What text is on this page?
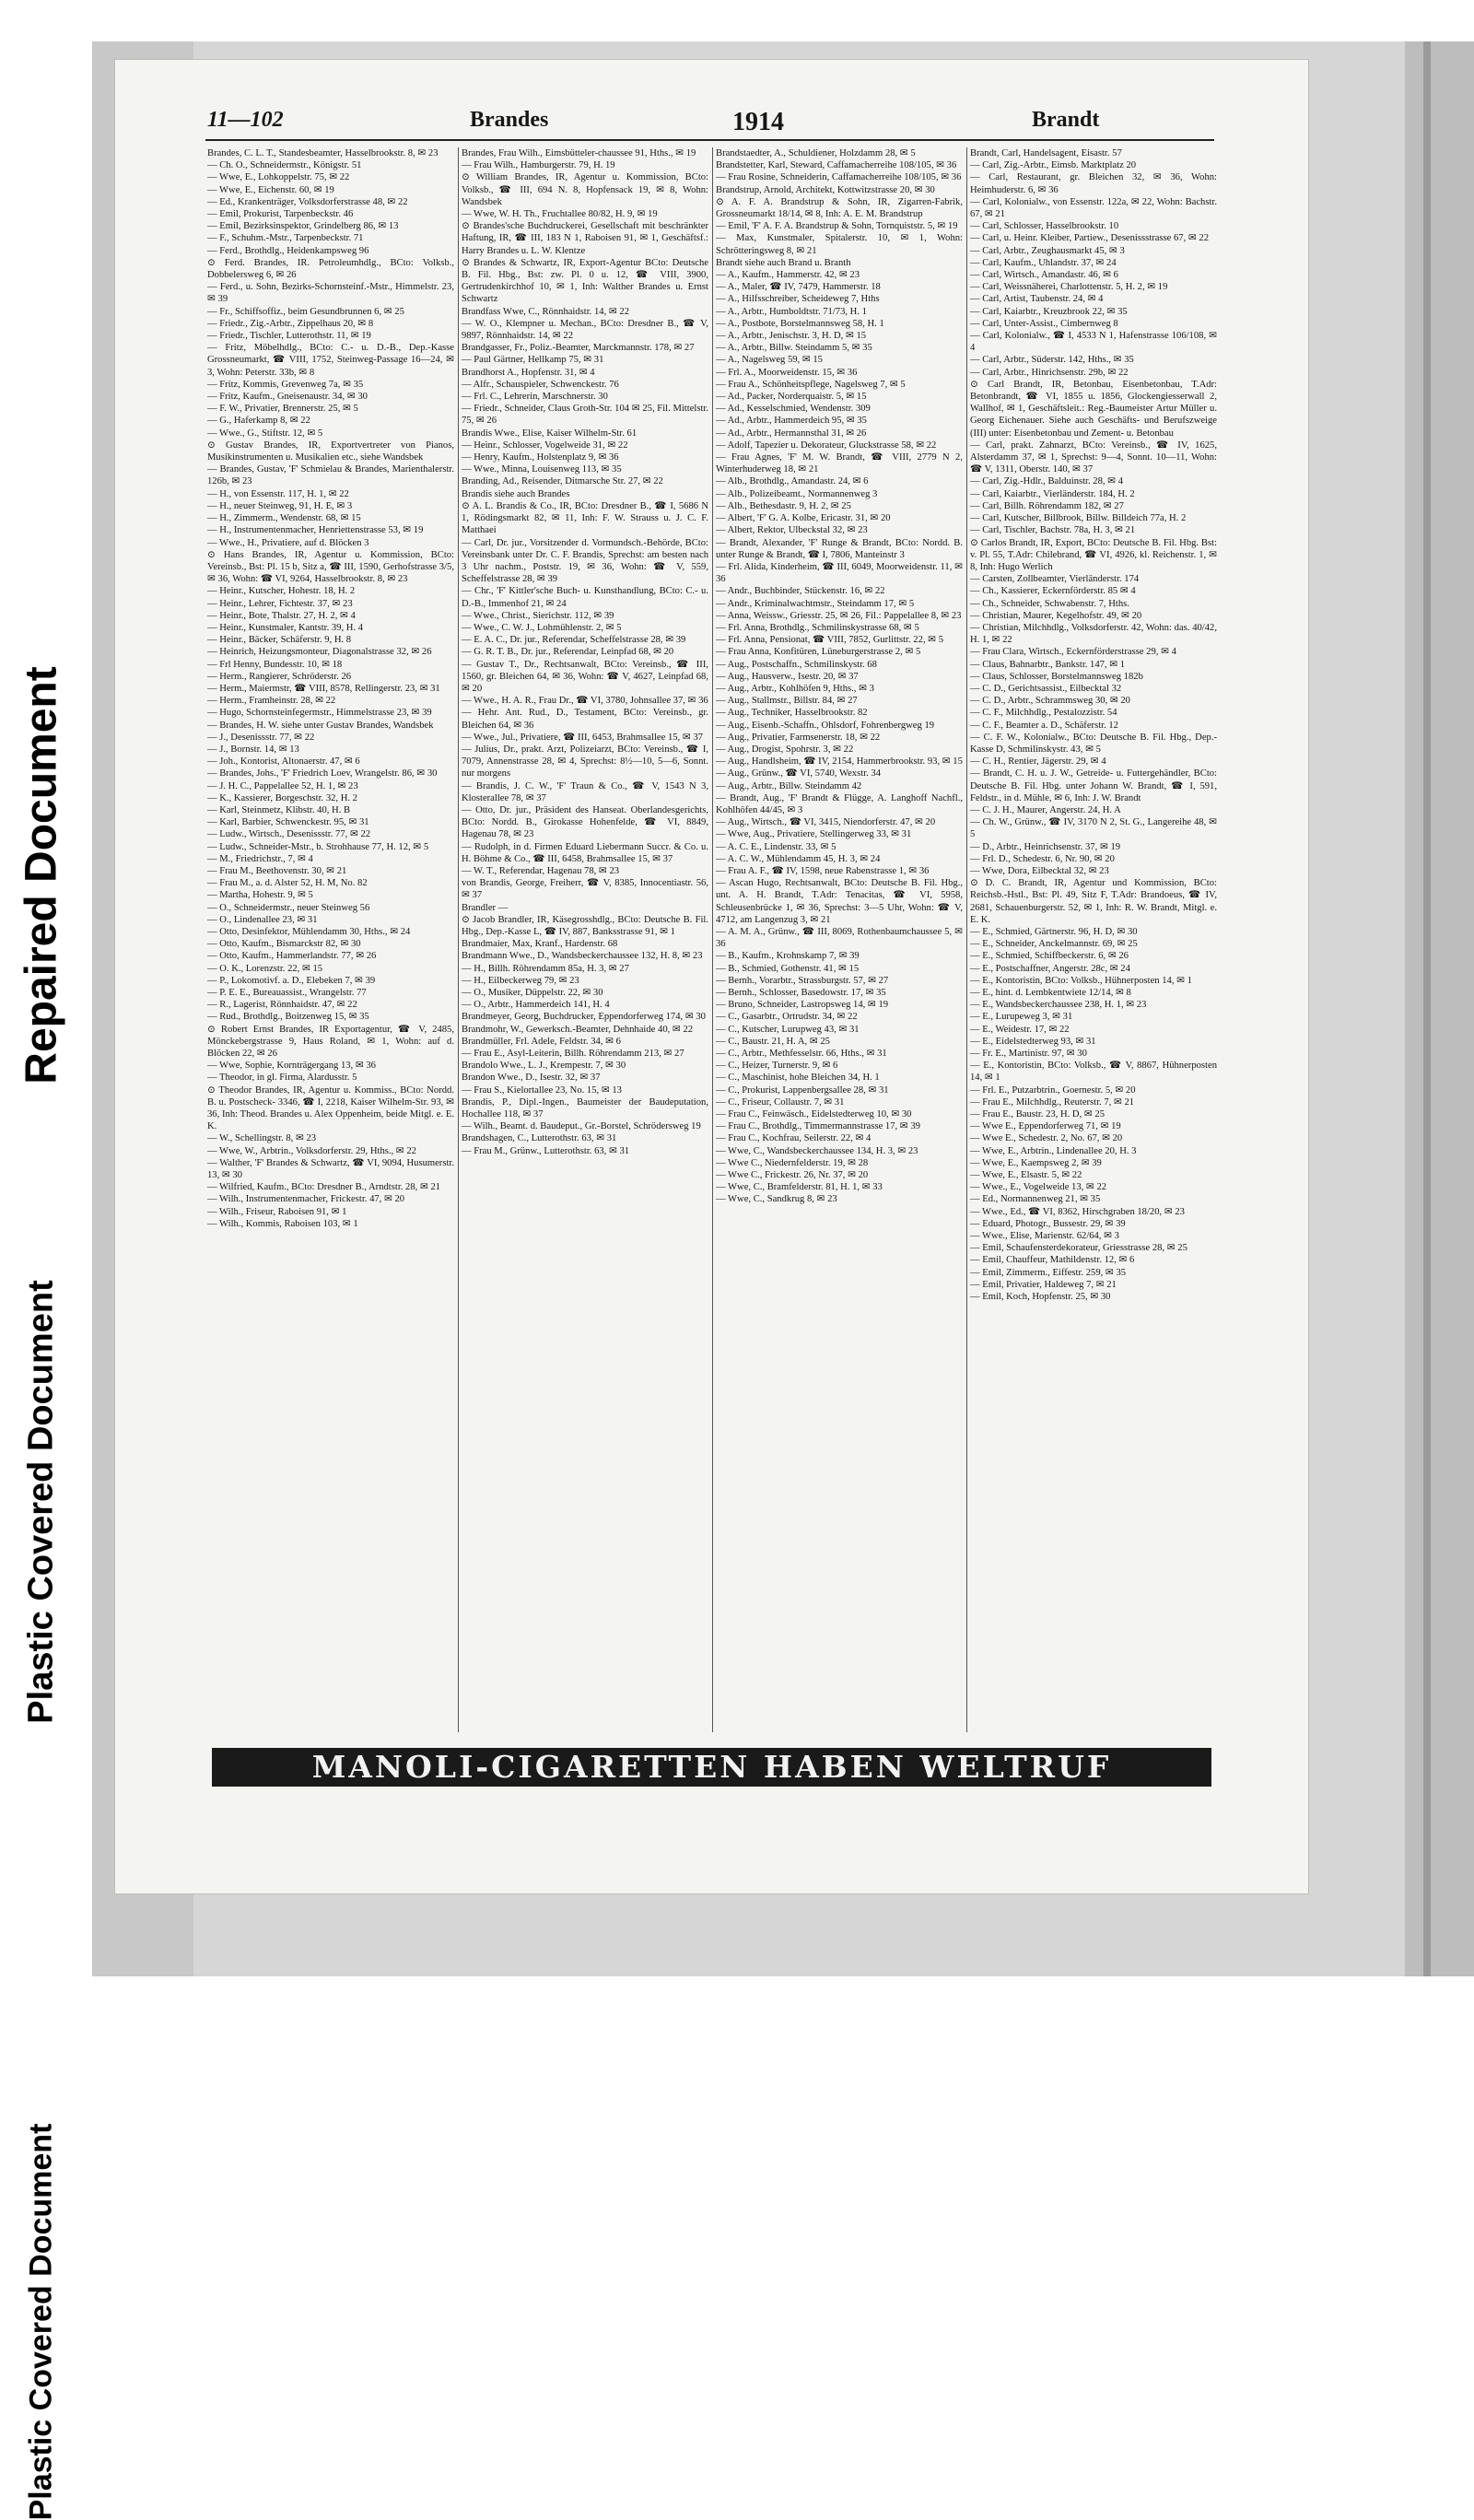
Repaired Document
Plastic Covered Document
Plastic Covered Document
11—102	Brandes	1914	Brandt

Brandes, C. L. T., Standesbeamter, Hasselbrookstr. 8, ✉ 23

— Ch. O., Schneidermstr., Königstr. 51

— Wwe, E., Lohkoppelstr. 75, ✉ 22

— Wwe, E., Eichenstr. 60, ✉ 19

— Ed., Krankenträger, Volksdorferstrasse 48, ✉ 22

— Emil, Prokurist, Tarpenbeckstr. 46

— Emil, Bezirksinspektor, Grindelberg 86, ✉ 13

— F., Schuhm.-Mstr., Tarpenbeckstr. 71

— Ferd., Brothdlg., Heidenkampsweg 96

⊙ Ferd. Brandes, IR. Petroleumhdlg., BCto: Volksb., Dobbelersweg 6, ✉ 26

— Ferd., u. Sohn, Bezirks-Schornsteinf.-Mstr., Himmelstr. 23, ✉ 39

— Fr., Schiffsoffiz., beim Gesundbrunnen 6, ✉ 25

— Friedr., Zig.-Arbtr., Zippelhaus 20, ✉ 8

— Friedr., Tischler, Lutterothstr. 11, ✉ 19

— Fritz, Möbelhdlg., BCto: C.- u. D.-B., Dep.-Kasse Grossneumarkt, ☎ VIII, 1752, Steinweg-Passage 16—24, ✉ 3, Wohn: Peterstr. 33b, ✉ 8

— Fritz, Kommis, Grevenweg 7a, ✉ 35

— Fritz, Kaufm., Gneisenaustr. 34, ✉ 30

— F. W., Privatier, Brennerstr. 25, ✉ 5

— G., Haferkamp 8, ✉ 22

— Wwe., G., Stiftstr. 12, ✉ 5

⊙ Gustav Brandes, IR, Exportvertreter von Pianos, Musikinstrumenten u. Musikalien etc., siehe Wandsbek

— Brandes, Gustav, 'F' Schmielau & Brandes, Marienthalerstr. 126b, ✉ 23

— H., von Essenstr. 117, H. 1, ✉ 22

— H., neuer Steinweg, 91, H. E, ✉ 3

— H., Zimmerm., Wendenstr. 68, ✉ 15

— H., Instrumentenmacher, Henriettenstrasse 53, ✉ 19

— Wwe., H., Privatiere, auf d. Blöcken 3

⊙ Hans Brandes, IR, Agentur u. Kommission, BCto: Vereinsb., Bst: Pl. 15 b, Sitz a, ☎ III, 1590, Gerhofstrasse 3/5, ✉ 36, Wohn: ☎ VI, 9264, Hasselbrookstr. 8, ✉ 23

— Heinr., Kutscher, Hohestr. 18, H. 2

— Heinr., Lehrer, Fichtestr. 37, ✉ 23

— Heinr., Bote, Thalstr. 27, H. 2, ✉ 4

— Heinr., Kunstmaler, Kantstr. 39, H. 4

— Heinr., Bäcker, Schäferstr. 9, H. 8

— Heinrich, Heizungsmonteur, Diagonalstrasse 32, ✉ 26

— Frl Henny, Bundesstr. 10, ✉ 18

— Herm., Rangierer, Schröderstr. 26

— Herm., Maiermstr, ☎ VIII, 8578, Rellingerstr. 23, ✉ 31

— Herm., Framheinstr. 28, ✉ 22

— Hugo, Schornsteinfegermstr., Himmelstrasse 23, ✉ 39

— Brandes, H. W. siehe unter Gustav Brandes, Wandsbek

— J., Desenissstr. 77, ✉ 22

— J., Bornstr. 14, ✉ 13

— Joh., Kontorist, Altonaerstr. 47, ✉ 6

— Brandes, Johs., 'F' Friedrich Loev, Wrangelstr. 86, ✉ 30

— J. H. C., Pappelallee 52, H. 1, ✉ 23

— K., Kassierer, Borgeschstr. 32, H. 2

— Karl, Steinmetz, Klibstr. 40, H. B

— Karl, Barbier, Schwenckestr. 95, ✉ 31

— Ludw., Wirtsch., Desenissstr. 77, ✉ 22

— Ludw., Schneider-Mstr., b. Strohhause 77, H. 12, ✉ 5

— M., Friedrichstr., 7, ✉ 4

— Frau M., Beethovenstr. 30, ✉ 21

— Frau M., a. d. Alster 52, H. M, No. 82

— Martha, Hohestr. 9, ✉ 5

— O., Schneidermstr., neuer Steinweg 56

— O., Lindenallee 23, ✉ 31

— Otto, Desinfektor, Mühlendamm 30, Hths., ✉ 24

— Otto, Kaufm., Bismarckstr 82, ✉ 30

— Otto, Kaufm., Hammerlandstr. 77, ✉ 26

— O. K., Lorenzstr. 22, ✉ 15

— P., Lokomotivf. a. D., Elebeken 7, ✉ 39

— P. E. E., Bureauassist., Wrangelstr. 77

— R., Lagerist, Rönnhaidstr. 47, ✉ 22

— Rud., Brothdlg., Boitzenweg 15, ✉ 35

⊙ Robert Ernst Brandes, IR Exportagentur, ☎ V, 2485, Mönckebergstrasse 9, Haus Roland, ✉ 1, Wohn: auf d. Blöcken 22, ✉ 26

— Wwe, Sophie, Kornträgergang 13, ✉ 36

— Theodor, in gl. Firma, Alardusstr. 5

⊙ Theodor Brandes, IR, Agentur u. Kommiss., BCto: Nordd. B. u. Postscheck- 3346, ☎ I, 2218, Kaiser Wilhelm-Str. 93, ✉ 36, Inh: Theod. Brandes u. Alex Oppenheim, beide Mitgl. e. E. K.

— W., Schellingstr. 8, ✉ 23

— Wwe, W., Arbtrin., Volksdorferstr. 29, Hths., ✉ 22

— Walther, 'F' Brandes & Schwartz, ☎ VI, 9094, Husumerstr. 13, ✉ 30

— Wilfried, Kaufm., BCto: Dresdner B., Arndtstr. 28, ✉ 21

— Wilh., Instrumentenmacher, Frickestr. 47, ✉ 20

— Wilh., Friseur, Raboisen 91, ✉ 1

— Wilh., Kommis, Raboisen 103, ✉ 1

Brandes, Frau Wilh., Eimsbütteler-chaussee 91, Hths., ✉ 19

— Frau Wilh., Hamburgerstr. 79, H. 19

⊙ William Brandes, IR, Agentur u. Kommission, BCto: Volksb., ☎ III, 694 N. 8, Hopfensack 19, ✉ 8, Wohn: Wandsbek

— Wwe, W. H. Th., Fruchtallee 80/82, H. 9, ✉ 19

⊙ Brandes'sche Buchdruckerei, Gesellschaft mit beschränkter Haftung, IR, ☎ III, 183 N 1, Raboisen 91, ✉ 1, Geschäftsf.: Harry Brandes u. L. W. Klentze

⊙ Brandes & Schwartz, IR, Export-Agentur BCto: Deutsche B. Fil. Hbg., Bst: zw. Pl. 0 u. 12, ☎ VIII, 3900, Gertrudenkirchhof 10, ✉ 1, Inh: Walther Brandes u. Ernst Schwartz

Brandfass Wwe, C., Rönnhaidstr. 14, ✉ 22

— W. O., Klempner u. Mechan., BCto: Dresdner B., ☎ V, 9897, Rönnhaidstr. 14, ✉ 22

Brandgasser, Fr., Poliz.-Beamter, Marckmannstr. 178, ✉ 27

— Paul Gärtner, Hellkamp 75, ✉ 31

Brandhorst A., Hopfenstr. 31, ✉ 4

— Alfr., Schauspieler, Schwenckestr. 76

— Frl. C., Lehrerin, Marschnerstr. 30

— Friedr., Schneider, Claus Groth-Str. 104 ✉ 25, Fil. Mittelstr. 75, ✉ 26

Brandis Wwe., Elise, Kaiser Wilhelm-Str. 61

— Heinr., Schlosser, Vogelweide 31, ✉ 22

— Henry, Kaufm., Holstenplatz 9, ✉ 36

— Wwe., Minna, Louisenweg 113, ✉ 35

Branding, Ad., Reisender, Ditmarsche Str. 27, ✉ 22

Brandis siehe auch Brandes

⊙ A. L. Brandis & Co., IR, BCto: Dresdner B., ☎ I, 5686 N 1, Rödingsmarkt 82, ✉ 11, Inh: F. W. Strauss u. J. C. F. Matthaei

— Carl, Dr. jur., Vorsitzender d. Vormundsch.-Behörde, BCto: Vereinsbank unter Dr. C. F. Brandis, Sprechst: am besten nach 3 Uhr nachm., Poststr. 19, ✉ 36, Wohn: ☎ V, 559, Scheffelstrasse 28, ✉ 39

— Chr., 'F' Kittler'sche Buch- u. Kunsthandlung, BCto: C.- u. D.-B., Immenhof 21, ✉ 24

— Wwe., Christ., Sierichstr. 112, ✉ 39

— Wwe., C. W. J., Lohmühlenstr. 2, ✉ 5

— E. A. C., Dr. jur., Referendar, Scheffelstrasse 28, ✉ 39

— G. R. T. B., Dr. jur., Referendar, Leinpfad 68, ✉ 20

— Gustav T., Dr., Rechtsanwalt, BCto: Vereinsb., ☎ III, 1560, gr. Bleichen 64, ✉ 36, Wohn: ☎ V, 4627, Leinpfad 68, ✉ 20

— Wwe., H. A. R., Frau Dr., ☎ VI, 3780, Johnsallee 37, ✉ 36

— Hehr. Ant. Rud., D., Testament, BCto: Vereinsb., gr. Bleichen 64, ✉ 36

— Wwe., Jul., Privatiere, ☎ III, 6453, Brahmsallee 15, ✉ 37

— Julius, Dr., prakt. Arzt, Polizeiarzt, BCto: Vereinsb., ☎ I, 7079, Annenstrasse 28, ✉ 4, Sprechst: 8½—10, 5—6, Sonnt. nur morgens

— Brandis, J. C. W., 'F' Traun & Co., ☎ V, 1543 N 3, Klosterallee 78, ✉ 37

— Otto, Dr. jur., Präsident des Hanseat. Oberlandesgerichts, BCto: Nordd. B., Girokasse Hohenfelde, ☎ VI, 8849, Hagenau 78, ✉ 23

— Rudolph, in d. Firmen Eduard Liebermann Succr. & Co. u. H. Böhme & Co., ☎ III, 6458, Brahmsallee 15, ✉ 37

— W. T., Referendar, Hagenau 78, ✉ 23

von Brandis, George, Freiherr, ☎ V, 8385, Innocentiastr. 56, ✉ 37

Brandler —

⊙ Jacob Brandler, IR, Käsegrosshdlg., BCto: Deutsche B. Fil. Hbg., Dep.-Kasse L, ☎ IV, 887, Banksstrasse 91, ✉ 1

Brandmaier, Max, Kranf., Hardenstr. 68

Brandmann Wwe., D., Wandsbeckerchaussee 132, H. 8, ✉ 23

— H., Billh. Röhrendamm 85a, H. 3, ✉ 27

— H., Eilbeckerweg 79, ✉ 23

— O., Musiker, Düppelstr. 22, ✉ 30

— O., Arbtr., Hammerdeich 141, H. 4

Brandmeyer, Georg, Buchdrucker, Eppendorferweg 174, ✉ 30

Brandmohr, W., Gewerksch.-Beamter, Dehnhaide 40, ✉ 22

Brandmüller, Frl. Adele, Feldstr. 34, ✉ 6

— Frau E., Asyl-Leiterin, Billh. Röhrendamm 213, ✉ 27

Brandolo Wwe., L. J., Krempestr. 7, ✉ 30

Brandon Wwe., D., Isestr. 32, ✉ 37

— Frau S., Kielortallee 23, No. 15, ✉ 13

Brandis, P., Dipl.-Ingen., Baumeister der Baudeputation, Hochallee 118, ✉ 37

— Wilh., Beamt. d. Baudeput., Gr.-Borstel, Schrödersweg 19

Brandshagen, C., Lutterothstr. 63, ✉ 31

— Frau M., Grünw., Lutterothstr. 63, ✉ 31

Brandstaedter, A., Schuldiener, Holzdamm 28, ✉ 5

Brandstetter, Karl, Steward, Caffamacherreihe 108/105, ✉ 36

— Frau Rosine, Schneiderin, Caffamacherreihe 108/105, ✉ 36

Brandstrup, Arnold, Architekt, Kottwitzstrasse 20, ✉ 30

⊙ A. F. A. Brandstrup & Sohn, IR, Zigarren-Fabrik, Grossneumarkt 18/14, ✉ 8, Inh: A. E. M. Brandstrup

— Emil, 'F' A. F. A. Brandstrup & Sohn, Tornquiststr. 5, ✉ 19

— Max, Kunstmaler, Spitalerstr. 10, ✉ 1, Wohn: Schrötteringsweg 8, ✉ 21

Brandt siehe auch Brand u. Branth

— A., Kaufm., Hammerstr. 42, ✉ 23

— A., Maler, ☎ IV, 7479, Hammerstr. 18

— A., Hilfsschreiber, Scheideweg 7, Hths

— A., Arbtr., Humboldtstr. 71/73, H. 1

— A., Postbote, Borstelmannsweg 58, H. 1

— A., Arbtr., Jenischstr. 3, H. D, ✉ 15

— A., Arbtr., Billw. Steindamm 5, ✉ 35

— A., Nagelsweg 59, ✉ 15

— Frl. A., Moorweidenstr. 15, ✉ 36

— Frau A., Schönheitspflege, Nagelsweg 7, ✉ 5

— Ad., Packer, Norderquaistr. 5, ✉ 15

— Ad., Kesselschmied, Wendenstr. 309

— Ad., Arbtr., Hammerdeich 95, ✉ 35

— Ad., Arbtr., Hermannsthal 31, ✉ 26

— Adolf, Tapezier u. Dekorateur, Gluckstrasse 58, ✉ 22

— Frau Agnes, 'F' M. W. Brandt, ☎ VIII, 2779 N 2, Winterhuderweg 18, ✉ 21

— Alb., Brothdlg., Amandastr. 24, ✉ 6

— Alb., Polizeibeamt., Normannenweg 3

— Alb., Bethesdastr. 9, H. 2, ✉ 25

— Albert, 'F' G. A. Kolbe, Ericastr. 31, ✉ 20

— Albert, Rektor, Ulbeckstal 32, ✉ 23

— Brandt, Alexander, 'F' Runge & Brandt, BCto: Nordd. B. unter Runge & Brandt, ☎ I, 7806, Manteinstr 3

— Frl. Alida, Kinderheim, ☎ III, 6049, Moorweidenstr. 11, ✉ 36

— Andr., Buchbinder, Stückenstr. 16, ✉ 22

— Andr., Kriminalwachtmstr., Steindamm 17, ✉ 5

— Anna, Weissw., Griesstr. 25, ✉ 26, Fil.: Pappelallee 8, ✉ 23

— Frl. Anna, Brothdlg., Schmilinskystrasse 68, ✉ 5

— Frl. Anna, Pensionat, ☎ VIII, 7852, Gurlittstr. 22, ✉ 5

— Frau Anna, Konfitüren, Lüneburgerstrasse 2, ✉ 5

— Aug., Postschaffn., Schmilinskystr. 68

— Aug., Hausverw., Isestr. 20, ✉ 37

— Aug., Arbtr., Kohlhöfen 9, Hths., ✉ 3

— Aug., Stallmstr., Billstr. 84, ✉ 27

— Aug., Techniker, Hasselbrookstr. 82

— Aug., Eisenb.-Schaffn., Ohlsdorf, Fohrenbergweg 19

— Aug., Privatier, Farmsenerstr. 18, ✉ 22

— Aug., Drogist, Spohrstr. 3, ✉ 22

— Aug., Handlsheim, ☎ IV, 2154, Hammerbrookstr. 93, ✉ 15

— Aug., Grünw., ☎ VI, 5740, Wexstr. 34

— Aug., Arbtr., Billw. Steindamm 42

— Brandt, Aug., 'F' Brandt & Flügge, A. Langhoff Nachfl., Kohlhöfen 44/45, ✉ 3

— Aug., Wirtsch., ☎ VI, 3415, Niendorferstr. 47, ✉ 20

— Wwe, Aug., Privatiere, Stellingerweg 33, ✉ 31

— A. C. E., Lindenstr. 33, ✉ 5

— A. C. W., Mühlendamm 45, H. 3, ✉ 24

— Frau A. F., ☎ IV, 1598, neue Rabenstrasse 1, ✉ 36

— Ascan Hugo, Rechtsanwalt, BCto: Deutsche B. Fil. Hbg., unt. A. H. Brandt, T.Adr: Tenacitas, ☎ VI, 5958, Schleusenbrücke 1, ✉ 36, Sprechst: 3—5 Uhr, Wohn: ☎ V, 4712, am Langenzug 3, ✉ 21

— A. M. A., Grünw., ☎ III, 8069, Rothenbaumchaussee 5, ✉ 36

— B., Kaufm., Krohnskamp 7, ✉ 39

— B., Schmied, Gothenstr. 41, ✉ 15

— Bernh., Vorarbtr., Strassburgstr. 57, ✉ 27

— Bernh., Schlosser, Basedowstr. 17, ✉ 35

— Bruno, Schneider, Lastropsweg 14, ✉ 19

— C., Gasarbtr., Ortrudstr. 34, ✉ 22

— C., Kutscher, Lurupweg 43, ✉ 31

— C., Baustr. 21, H. A, ✉ 25

— C., Arbtr., Methfesselstr. 66, Hths., ✉ 31

— C., Heizer, Turnerstr. 9, ✉ 6

— C., Maschinist, hohe Bleichen 34, H. 1

— C., Prokurist, Lappenbergsallee 28, ✉ 31

— C., Friseur, Collaustr. 7, ✉ 31

— Frau C., Feinwäsch., Eidelstedterweg 10, ✉ 30

— Frau C., Brothdlg., Timmermannstrasse 17, ✉ 39

— Frau C., Kochfrau, Seilerstr. 22, ✉ 4

— Wwe, C., Wandsbeckerchaussee 134, H. 3, ✉ 23

— Wwe C., Niedernfelderstr. 19, ✉ 28

— Wwe C., Frickestr. 26, Nr. 37, ✉ 20

— Wwe, C., Bramfelderstr. 81, H. 1, ✉ 33

— Wwe, C., Sandkrug 8, ✉ 23

Brandt, Carl, Handelsagent, Eisastr. 57

— Carl, Zig.-Arbtr., Eimsb. Marktplatz 20

— Carl, Restaurant, gr. Bleichen 32, ✉ 36, Wohn: Heimhuderstr. 6, ✉ 36

— Carl, Kolonialw., von Essenstr. 122a, ✉ 22, Wohn: Bachstr. 67, ✉ 21

— Carl, Schlosser, Hasselbrookstr. 10

— Carl, u. Heinr. Kleiber, Partiew., Desenissstrasse 67, ✉ 22

— Carl, Arbtr., Zeughausmarkt 45, ✉ 3

— Carl, Kaufm., Uhlandstr. 37, ✉ 24

— Carl, Wirtsch., Amandastr. 46, ✉ 6

— Carl, Weissnäherei, Charlottenstr. 5, H. 2, ✉ 19

— Carl, Artist, Taubenstr. 24, ✉ 4

— Carl, Kaiarbtr., Kreuzbrook 22, ✉ 35

— Carl, Unter-Assist., Cimbernweg 8

— Carl, Kolonialw., ☎ I, 4533 N 1, Hafenstrasse 106/108, ✉ 4

— Carl, Arbtr., Süderstr. 142, Hths., ✉ 35

— Carl, Arbtr., Hinrichsenstr. 29b, ✉ 22

⊙ Carl Brandt, IR, Betonbau, Eisenbetonbau, T.Adr: Betonbrandt, ☎ VI, 1855 u. 1856, Glockengiesserwall 2, Wallhof, ✉ 1, Geschäftsleit.: Reg.-Baumeister Artur Müller u. Georg Eichenauer. Siehe auch Geschäfts- und Berufszweige (III) unter: Eisenbetonbau und Zement- u. Betonbau

— Carl, prakt. Zahnarzt, BCto: Vereinsb., ☎ IV, 1625, Alsterdamm 37, ✉ 1, Sprechst: 9—4, Sonnt. 10—11, Wohn: ☎ V, 1311, Oberstr. 140, ✉ 37

— Carl, Zig.-Hdlr., Balduinstr. 28, ✉ 4

— Carl, Kaiarbtr., Vierländerstr. 184, H. 2

— Carl, Billh. Röhrendamm 182, ✉ 27

— Carl, Kutscher, Billbrook, Billw. Billdeich 77a, H. 2

— Carl, Tischler, Bachstr. 78a, H. 3, ✉ 21

⊙ Carlos Brandt, IR, Export, BCto: Deutsche B. Fil. Hbg. Bst: v. Pl. 55, T.Adr: Chilebrand, ☎ VI, 4926, kl. Reichenstr. 1, ✉ 8, Inh: Hugo Werlich

— Carsten, Zollbeamter, Vierländerstr. 174

— Ch., Kassierer, Eckernförderstr. 85 ✉ 4

— Ch., Schneider, Schwabenstr. 7, Hths.

— Christian, Maurer, Kegelhofstr. 49, ✉ 20

— Christian, Milchhdlg., Volksdorferstr. 42, Wohn: das. 40/42, H. 1, ✉ 22

— Frau Clara, Wirtsch., Eckernförderstrasse 29, ✉ 4

— Claus, Bahnarbtr., Bankstr. 147, ✉ 1

— Claus, Schlosser, Borstelmannsweg 182b

— C. D., Gerichtsassist., Eilbecktal 32

— C. D., Arbtr., Schrammsweg 30, ✉ 20

— C. F., Milchhdlg., Pestalozzistr. 54

— C. F., Beamter a. D., Schäferstr. 12

— C. F. W., Kolonialw., BCto: Deutsche B. Fil. Hbg., Dep.-Kasse D, Schmilinskystr. 43, ✉ 5

— C. H., Rentier, Jägerstr. 29, ✉ 4

— Brandt, C. H. u. J. W., Getreide- u. Futtergehändler, BCto: Deutsche B. Fil. Hbg. unter Johann W. Brandt, ☎ I, 591, Feldstr., in d. Mühle, ✉ 6, Inh: J. W. Brandt

— C. J. H., Maurer, Angerstr. 24, H. A

— Ch. W., Grünw., ☎ IV, 3170 N 2, St. G., Langereihe 48, ✉ 5

— D., Arbtr., Heinrichsenstr. 37, ✉ 19

— Frl. D., Schedestr. 6, Nr. 90, ✉ 20

— Wwe, Dora, Eilbecktal 32, ✉ 23

⊙ D. C. Brandt, IR, Agentur und Kommission, BCto: Reichsb.-Hstl., Bst: Pl. 49, Sitz F, T.Adr: Brandoeus, ☎ IV, 2681, Schauenburgerstr. 52, ✉ 1, Inh: R. W. Brandt, Mitgl. e. E. K.

— E., Schmied, Gärtnerstr. 96, H. D, ✉ 30

— E., Schneider, Anckelmannstr. 69, ✉ 25

— E., Schmied, Schiffbeckerstr. 6, ✉ 26

— E., Postschaffner, Angerstr. 28c, ✉ 24

— E., Kontoristin, BCto: Volksb., Hühnerposten 14, ✉ 1

— E., hint. d. Lembkentwiete 12/14, ✉ 8

— E., Wandsbeckerchaussee 238, H. 1, ✉ 23

— E., Lurupeweg 3, ✉ 31

— E., Weidestr. 17, ✉ 22

— E., Eidelstedterweg 93, ✉ 31

— Fr. E., Martinistr. 97, ✉ 30

— E., Kontoristin, BCto: Volksb., ☎ V, 8867, Hühnerposten 14, ✉ 1

— Frl. E., Putzarbtrin., Goernestr. 5, ✉ 20

— Frau E., Milchhdlg., Reuterstr. 7, ✉ 21

— Frau E., Baustr. 23, H. D, ✉ 25

— Wwe E., Eppendorferweg 71, ✉ 19

— Wwe E., Schedestr. 2, No. 67, ✉ 20

— Wwe, E., Arbtrin., Lindenallee 20, H. 3

— Wwe, E., Kaempsweg 2, ✉ 39

— Wwe, E., Elsastr. 5, ✉ 22

— Wwe., E., Vogelweide 13, ✉ 22

— Ed., Normannenweg 21, ✉ 35

— Wwe., Ed., ☎ VI, 8362, Hirschgraben 18/20, ✉ 23

— Eduard, Photogr., Bussestr. 29, ✉ 39

— Wwe., Elise, Marienstr. 62/64, ✉ 3

— Emil, Schaufensterdekorateur, Griesstrasse 28, ✉ 25

— Emil, Chauffeur, Mathildenstr. 12, ✉ 6

— Emil, Zimmerm., Eiffestr. 259, ✉ 35

— Emil, Privatier, Haldeweg 7, ✉ 21

— Emil, Koch, Hopfenstr. 25, ✉ 30

MANOLI-CIGARETTEN HABEN WELTRUF
